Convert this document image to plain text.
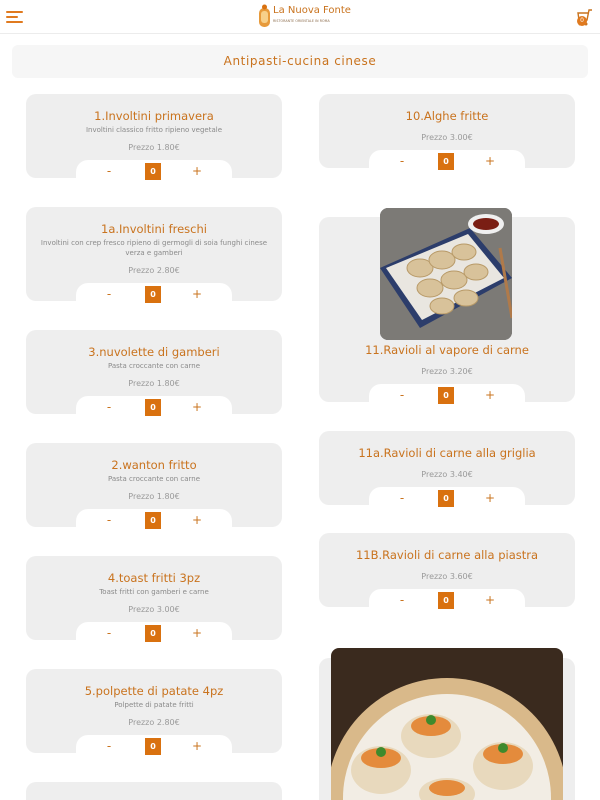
La Nuova Fonte
RISTORANTE ORIENTALE IN ROMA	0
Antipasti-cucina cinese
1.Involtini primavera
Involtini classico fritto ripieno vegetale
Prezzo 1.80€
-	0	+
1a.Involtini freschi
Involtini con crep fresco ripieno di germogli di soia funghi cinese verza e gamberi
Prezzo 2.80€
-	0	+
3.nuvolette di gamberi
Pasta croccante con carne
Prezzo 1.80€
-	0	+
2.wanton fritto
Pasta croccante con carne
Prezzo 1.80€
-	0	+
4.toast fritti 3pz
Toast fritti con gamberi e carne
Prezzo 3.00€
-	0	+
5.polpette di patate 4pz
Polpette di patate fritti
Prezzo 2.80€
-	0	+
10.Alghe fritte
Prezzo 3.00€
-	0	+
11.Ravioli al vapore di carne
Prezzo 3.20€
-	0	+
11a.Ravioli di carne alla griglia
Prezzo 3.40€
-	0	+
11B.Ravioli di carne alla piastra
Prezzo 3.60€
-	0	+
